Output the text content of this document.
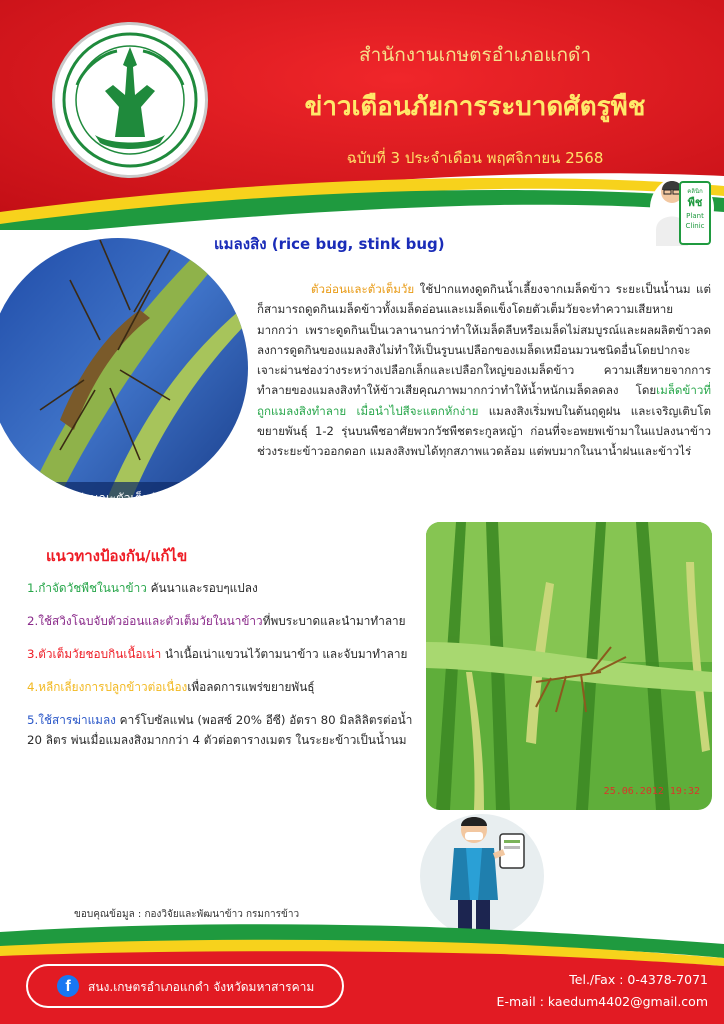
สำนักงานเกษตรอำเภอแกดำ
ข่าวเตือนภัยการระบาดศัตรูพืช
ฉบับที่ 3 ประจำเดือน พฤศจิกายน 2568
คลินิก
พืช
Plant
Clinic
ลักษณะตัวเต็มวัย
แมลงสิง (rice bug, stink bug)
ตัวอ่อนและตัวเต็มวัย ใช้ปากแทงดูดกินน้ำเลี้ยงจากเมล็ดข้าว ระยะเป็นน้ำนม แต่ก็สามารถดูดกินเมล็ดข้าวทั้งเมล็ดอ่อนและเมล็ดแข็งโดยตัวเต็มวัยจะทำความเสียหายมากกว่า เพราะดูดกินเป็นเวลานานกว่าทำให้เมล็ดลีบหรือเมล็ดไม่สมบูรณ์และผลผลิตข้าวลดลงการดูดกินของแมลงสิงไม่ทำให้เป็นรูบนเปลือกของเมล็ดเหมือนมวนชนิดอื่นโดยปากจะเจาะผ่านช่องว่างระหว่างเปลือกเล็กและเปลือกใหญ่ของเมล็ดข้าว ความเสียหายจากการทำลายของแมลงสิงทำให้ข้าวเสียคุณภาพมากกว่าทำให้น้ำหนักเมล็ดลดลง โดยเมล็ดข้าวที่ถูกแมลงสิงทำลาย เมื่อนำไปสีจะแตกหักง่าย แมลงสิงเริ่มพบในต้นฤดูฝน และเจริญเติบโต ขยายพันธุ์ 1-2 รุ่นบนพืชอาศัยพวกวัชพืชตระกูลหญ้า ก่อนที่จะอพยพเข้ามาในแปลงนาข้าวช่วงระยะข้าวออกดอก แมลงสิงพบได้ทุกสภาพแวดล้อม แต่พบมากในนาน้ำฝนและข้าวไร่
แนวทางป้องกัน/แก้ไข
1.กำจัดวัชพืชในนาข้าว คันนาและรอบๆแปลง
2.ใช้สวิงโฉบจับตัวอ่อนและตัวเต็มวัยในนาข้าวที่พบระบาดและนำมาทำลาย
3.ตัวเต็มวัยชอบกินเนื้อเน่า นำเนื้อเน่าแขวนไว้ตามนาข้าว และจับมาทำลาย
4.หลีกเลี่ยงการปลูกข้าวต่อเนื่องเพื่อลดการแพร่ขยายพันธุ์
5.ใช้สารฆ่าแมลง คาร์โบซัลแฟน (พอสซ์ 20% อีซี) อัตรา 80 มิลลิลิตรต่อน้ำ 20 ลิตร พ่นเมื่อแมลงสิงมากกว่า 4 ตัวต่อตารางเมตร ในระยะข้าวเป็นน้ำนม
25.06.2012 19:32
ขอบคุณข้อมูล : กองวิจัยและพัฒนาข้าว กรมการข้าว
f	สนง.เกษตรอำเภอแกดำ จังหวัดมหาสารคาม	Tel./Fax : 0-4378-7071
E-mail : kaedum4402@gmail.com
